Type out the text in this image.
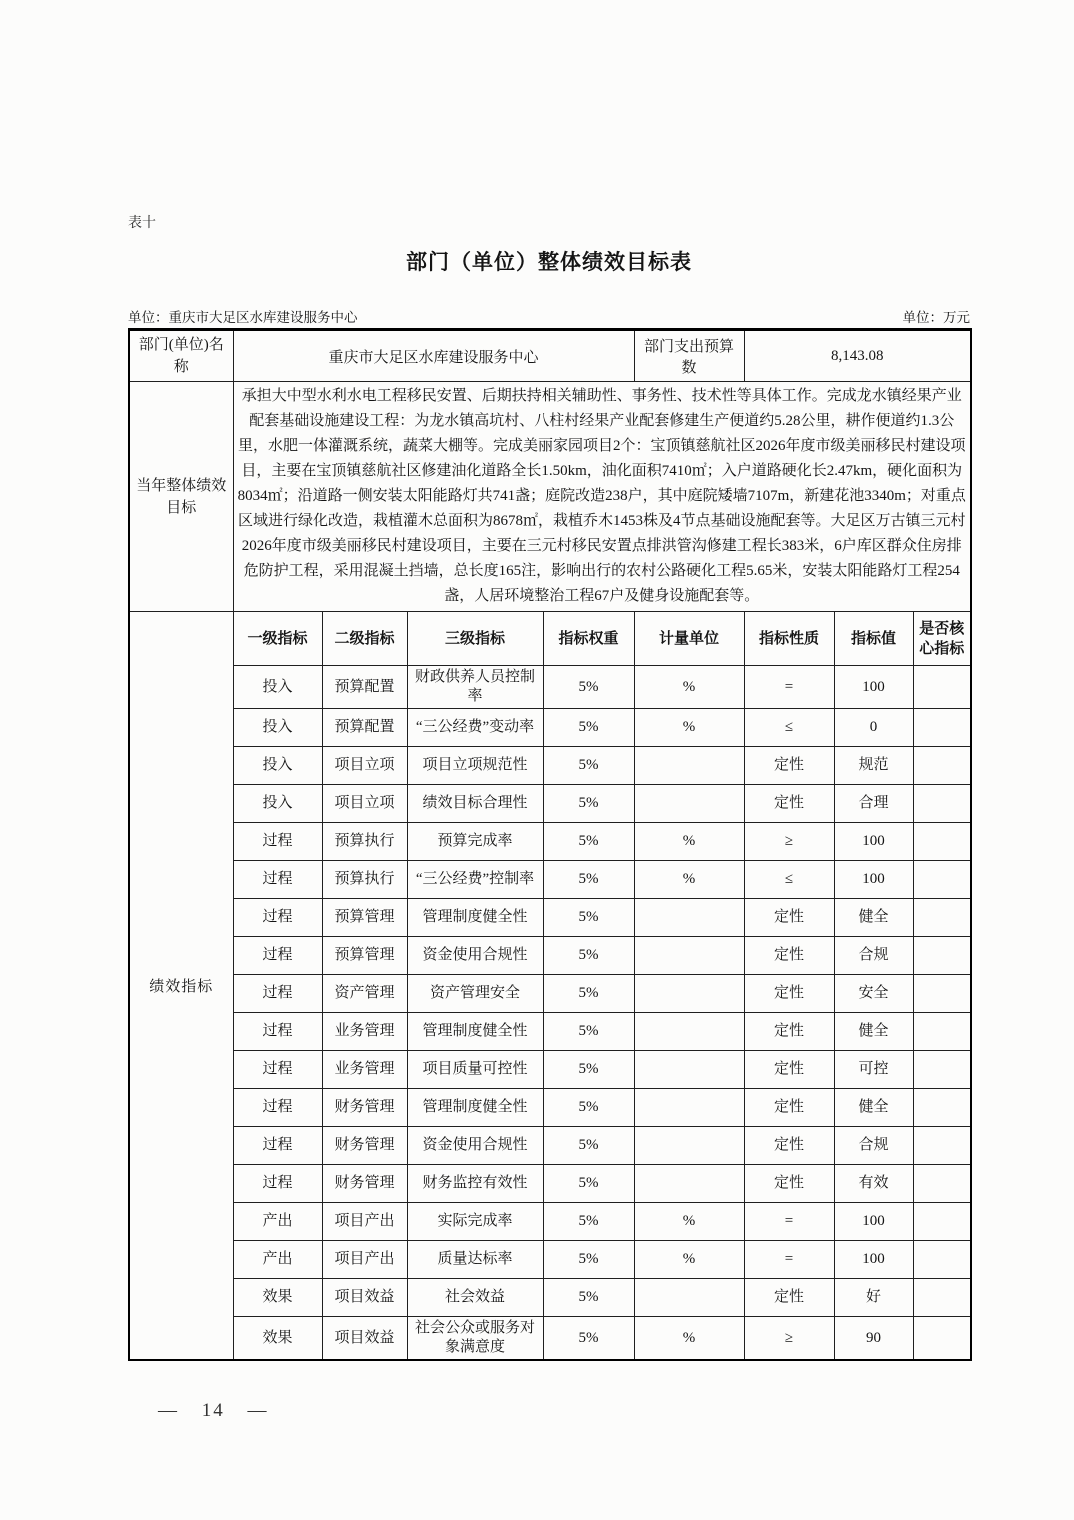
表十
部门（单位）整体绩效目标表
单位：重庆市大足区水库建设服务中心	单位：万元
部门(单位)名称	重庆市大足区水库建设服务中心				部门支出预算数	8,143.08		
当年整体绩效目标	承担大中型水利水电工程移民安置、后期扶持相关辅助性、事务性、技术性等具体工作。完成龙水镇经果产业配套基础设施建设工程：为龙水镇高坑村、八柱村经果产业配套修建生产便道约5.28公里，耕作便道约1.3公里，水肥一体灌溉系统，蔬菜大棚等。完成美丽家园项目2个：宝顶镇慈航社区2026年度市级美丽移民村建设项目，主要在宝顶镇慈航社区修建油化道路全长1.50km，油化面积7410㎡；入户道路硬化长2.47km，硬化面积为8034㎡；沿道路一侧安装太阳能路灯共741盏；庭院改造238户，其中庭院矮墙7107m，新建花池3340m；对重点区域进行绿化改造，栽植灌木总面积为8678㎡，栽植乔木1453株及4节点基础设施配套等。大足区万古镇三元村2026年度市级美丽移民村建设项目，主要在三元村移民安置点排洪管沟修建工程长383米，6户库区群众住房排危防护工程，采用混凝土挡墙，总长度165注，影响出行的农村公路硬化工程5.65米，安装太阳能路灯工程254盏，人居环境整治工程67户及健身设施配套等。							
绩效指标	一级指标	二级指标	三级指标	指标权重	计量单位	指标性质	指标值	是否核心指标
	投入	预算配置	财政供养人员控制率	5%	%	=	100	
	投入	预算配置	“三公经费”变动率	5%	%	≤	0	
	投入	项目立项	项目立项规范性	5%		定性	规范	
	投入	项目立项	绩效目标合理性	5%		定性	合理	
	过程	预算执行	预算完成率	5%	%	≥	100	
	过程	预算执行	“三公经费”控制率	5%	%	≤	100	
	过程	预算管理	管理制度健全性	5%		定性	健全	
	过程	预算管理	资金使用合规性	5%		定性	合规	
	过程	资产管理	资产管理安全	5%		定性	安全	
	过程	业务管理	管理制度健全性	5%		定性	健全	
	过程	业务管理	项目质量可控性	5%		定性	可控	
	过程	财务管理	管理制度健全性	5%		定性	健全	
	过程	财务管理	资金使用合规性	5%		定性	合规	
	过程	财务管理	财务监控有效性	5%		定性	有效	
	产出	项目产出	实际完成率	5%	%	=	100	
	产出	项目产出	质量达标率	5%	%	=	100	
	效果	项目效益	社会效益	5%		定性	好	
	效果	项目效益	社会公众或服务对象满意度	5%	%	≥	90	
— 14 —
